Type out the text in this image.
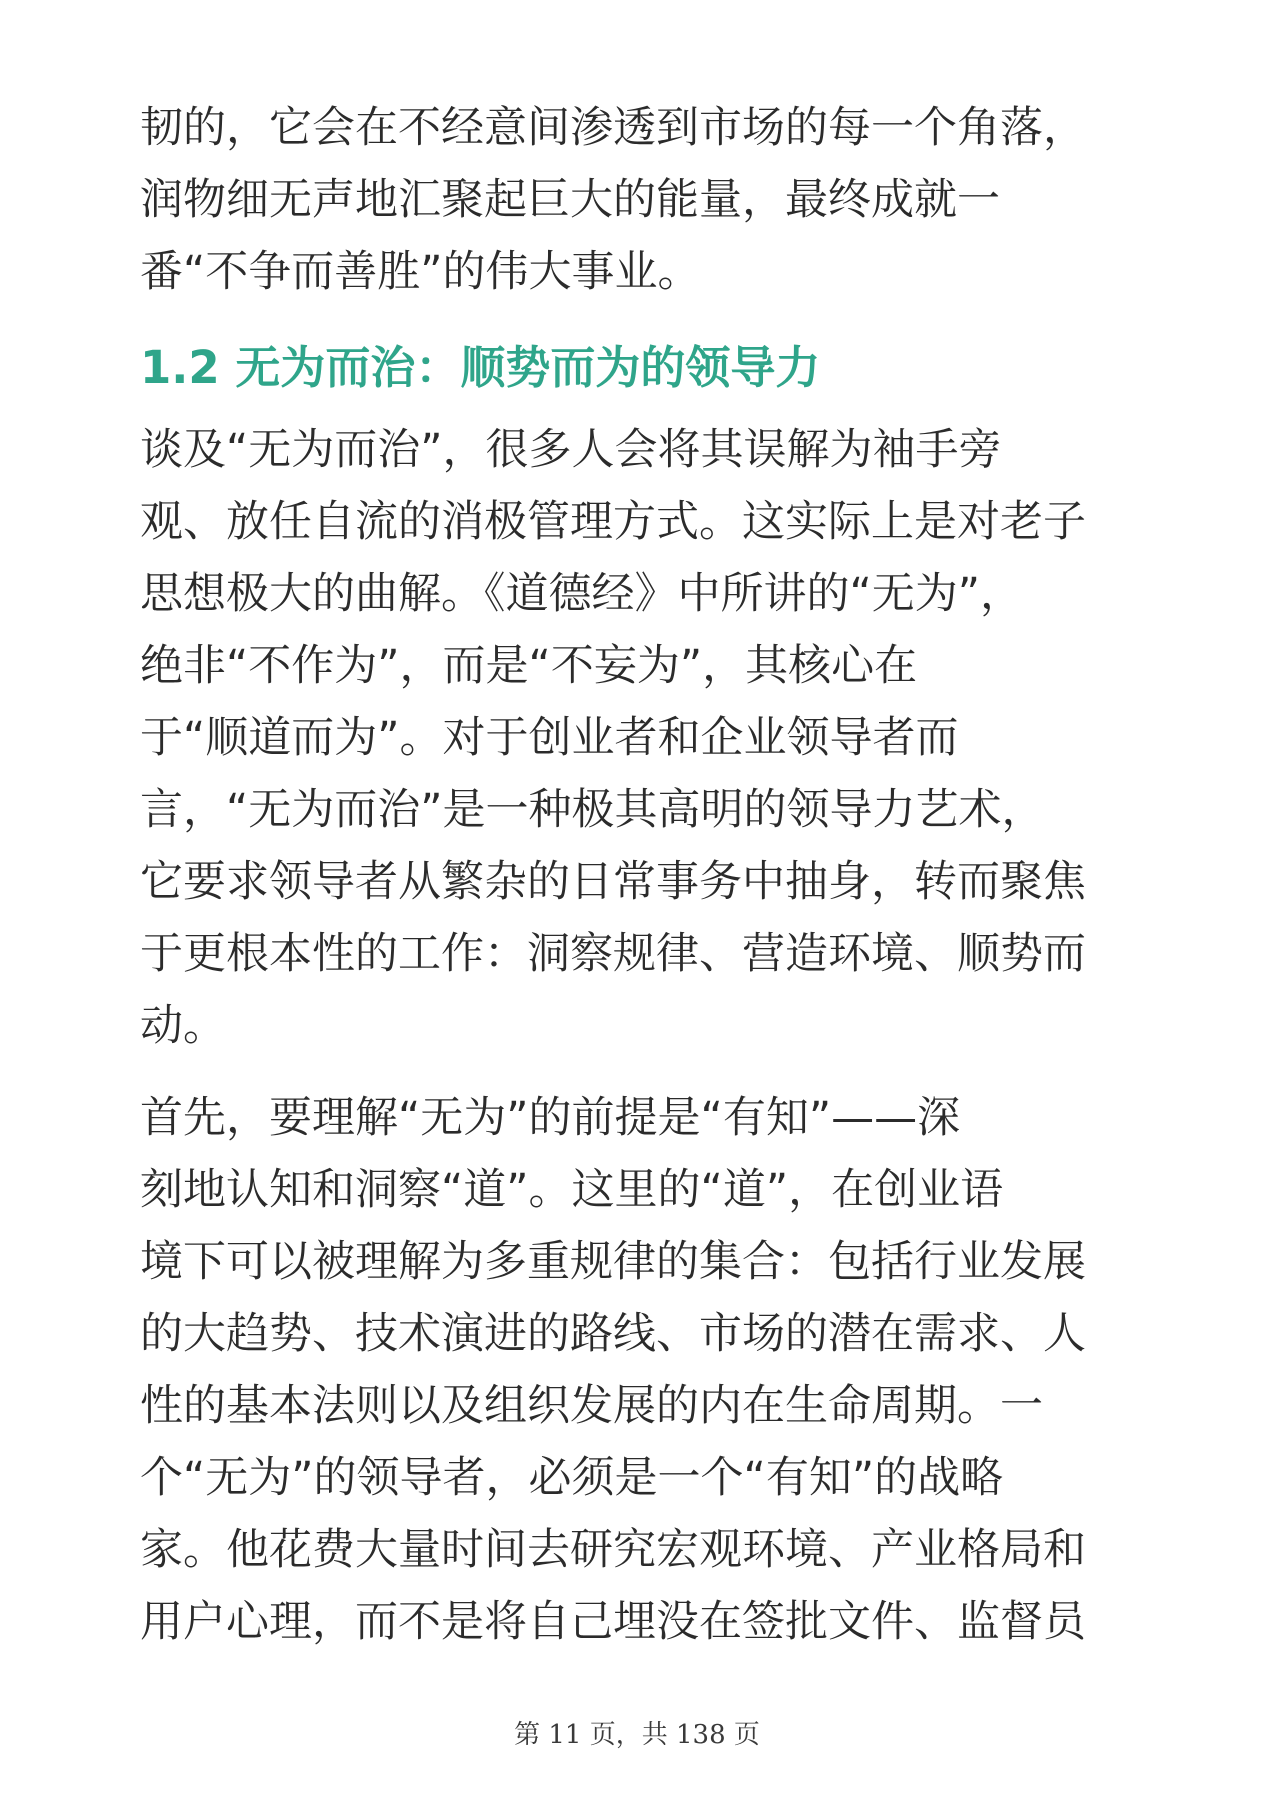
韧的，它会在不经意间渗透到市场的每一个角落，
润物细无声地汇聚起巨大的能量，最终成就一
番“不争而善胜”的伟大事业。
1.2 无为而治：顺势而为的领导力
谈及“无为而治”，很多人会将其误解为袖手旁
观、放任自流的消极管理方式。这实际上是对老子
思想极大的曲解。《道德经》中所讲的“无为”，
绝非“不作为”，而是“不妄为”，其核心在
于“顺道而为”。对于创业者和企业领导者而
言，“无为而治”是一种极其高明的领导力艺术，
它要求领导者从繁杂的日常事务中抽身，转而聚焦
于更根本性的工作：洞察规律、营造环境、顺势而
动。
首先，要理解“无为”的前提是“有知”——深
刻地认知和洞察“道”。这里的“道”，在创业语
境下可以被理解为多重规律的集合：包括行业发展
的大趋势、技术演进的路线、市场的潜在需求、人
性的基本法则以及组织发展的内在生命周期。一
个“无为”的领导者，必须是一个“有知”的战略
家。他花费大量时间去研究宏观环境、产业格局和
用户心理，而不是将自己埋没在签批文件、监督员
第 11 页，共 138 页
